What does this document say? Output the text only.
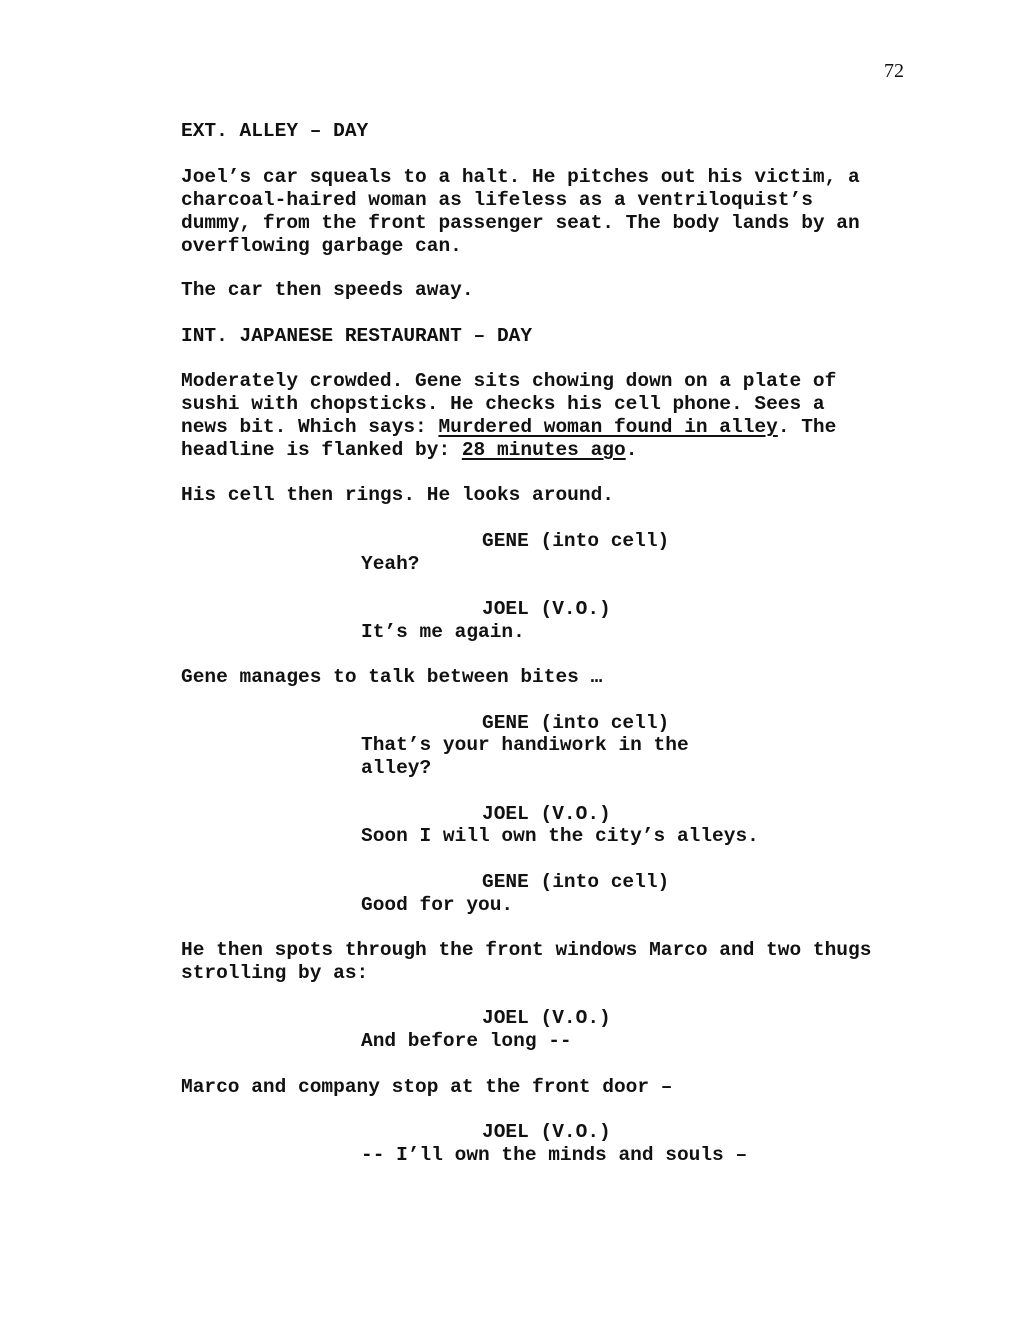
72

EXT. ALLEY – DAY

Joel’s car squeals to a halt. He pitches out his victim, a
charcoal-haired woman as lifeless as a ventriloquist’s
dummy, from the front passenger seat. The body lands by an
overflowing garbage can.

The car then speeds away.

INT. JAPANESE RESTAURANT – DAY

Moderately crowded. Gene sits chowing down on a plate of
sushi with chopsticks. He checks his cell phone. Sees a
news bit. Which says: Murdered woman found in alley. The
headline is flanked by: 28 minutes ago.

His cell then rings. He looks around.

GENE (into cell)

Yeah?

JOEL (V.O.)

It’s me again.

Gene manages to talk between bites …

GENE (into cell)

That’s your handiwork in the
alley?

JOEL (V.O.)

Soon I will own the city’s alleys.

GENE (into cell)

Good for you.

He then spots through the front windows Marco and two thugs
strolling by as:

JOEL (V.O.)

And before long --

Marco and company stop at the front door –

JOEL (V.O.)

-- I’ll own the minds and souls –
